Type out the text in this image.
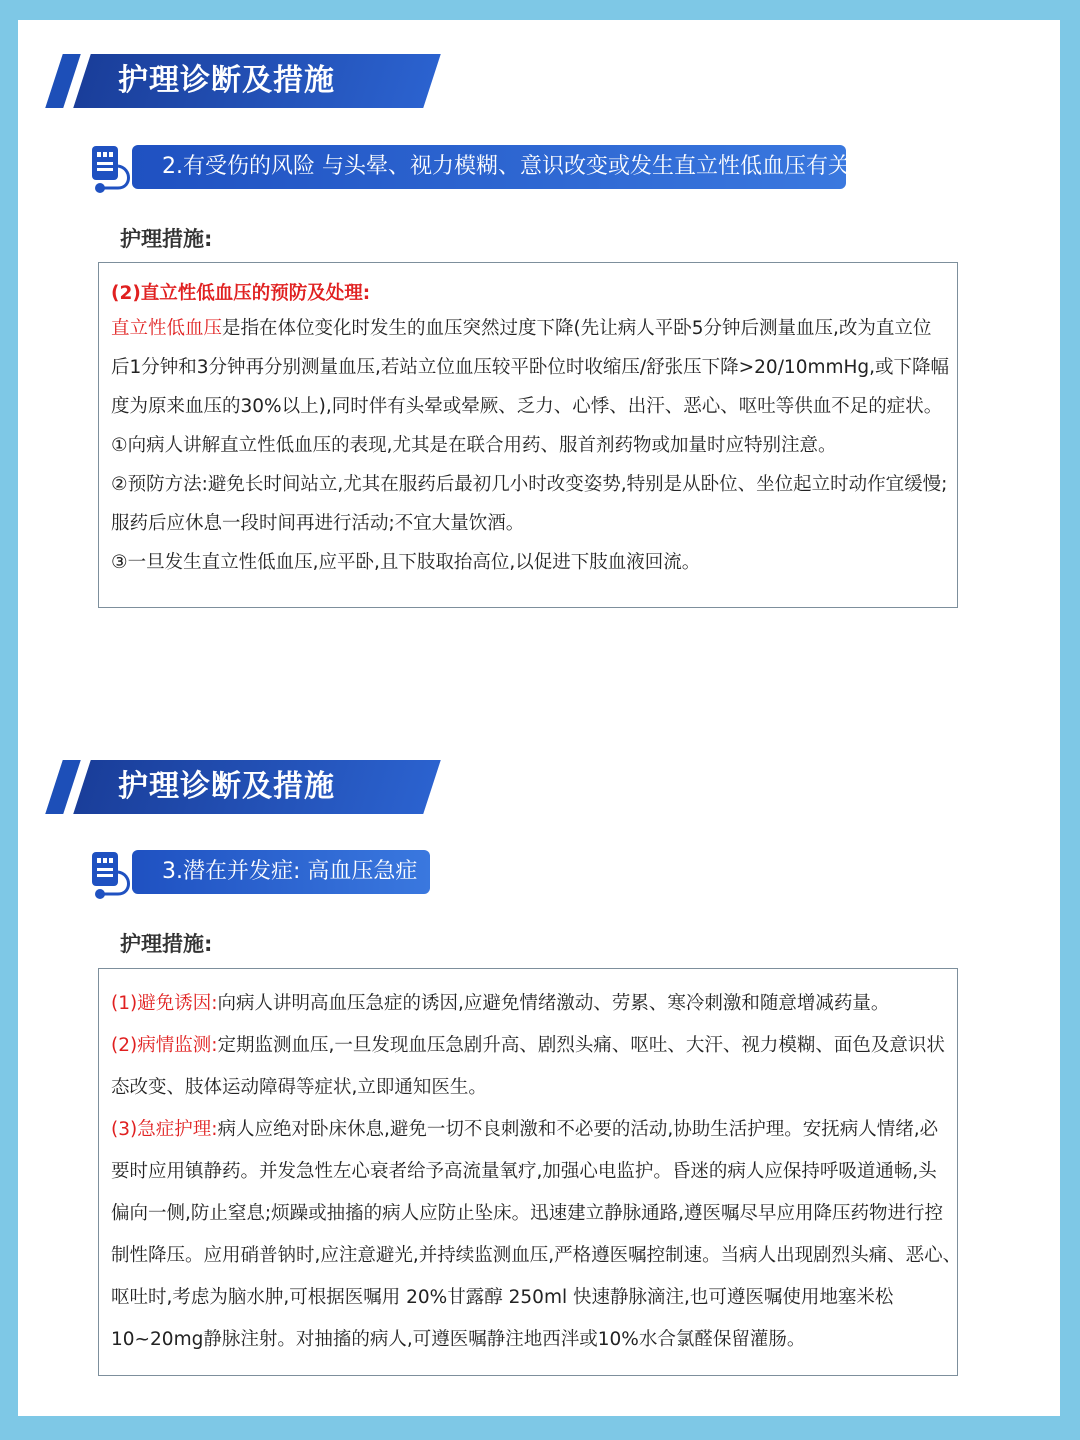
护理诊断及措施
2.有受伤的风险 与头晕、视力模糊、意识改变或发生直立性低血压有关
护理措施:

(2)直立性低血压的预防及处理:

直立性低血压是指在体位变化时发生的血压突然过度下降(先让病人平卧5分钟后测量血压,改为直立位

后1分钟和3分钟再分别测量血压,若站立位血压较平卧位时收缩压/舒张压下降>20/10mmHg,或下降幅

度为原来血压的30%以上),同时伴有头晕或晕厥、乏力、心悸、出汗、恶心、呕吐等供血不足的症状。

①向病人讲解直立性低血压的表现,尤其是在联合用药、服首剂药物或加量时应特别注意。

②预防方法:避免长时间站立,尤其在服药后最初几小时改变姿势,特别是从卧位、坐位起立时动作宜缓慢;

服药后应休息一段时间再进行活动;不宜大量饮酒。

③一旦发生直立性低血压,应平卧,且下肢取抬高位,以促进下肢血液回流。

护理诊断及措施
3.潜在并发症: 高血压急症
护理措施:

(1)避免诱因:向病人讲明高血压急症的诱因,应避免情绪激动、劳累、寒冷刺激和随意增减药量。

(2)病情监测:定期监测血压,一旦发现血压急剧升高、剧烈头痛、呕吐、大汗、视力模糊、面色及意识状

态改变、肢体运动障碍等症状,立即通知医生。

(3)急症护理:病人应绝对卧床休息,避免一切不良刺激和不必要的活动,协助生活护理。安抚病人情绪,必

要时应用镇静药。并发急性左心衰者给予高流量氧疗,加强心电监护。昏迷的病人应保持呼吸道通畅,头

偏向一侧,防止窒息;烦躁或抽搐的病人应防止坠床。迅速建立静脉通路,遵医嘱尽早应用降压药物进行控

制性降压。应用硝普钠时,应注意避光,并持续监测血压,严格遵医嘱控制速。当病人出现剧烈头痛、恶心、

呕吐时,考虑为脑水肿,可根据医嘱用 20%甘露醇 250ml 快速静脉滴注,也可遵医嘱使用地塞米松

10~20mg静脉注射。对抽搐的病人,可遵医嘱静注地西泮或10%水合氯醛保留灌肠。
